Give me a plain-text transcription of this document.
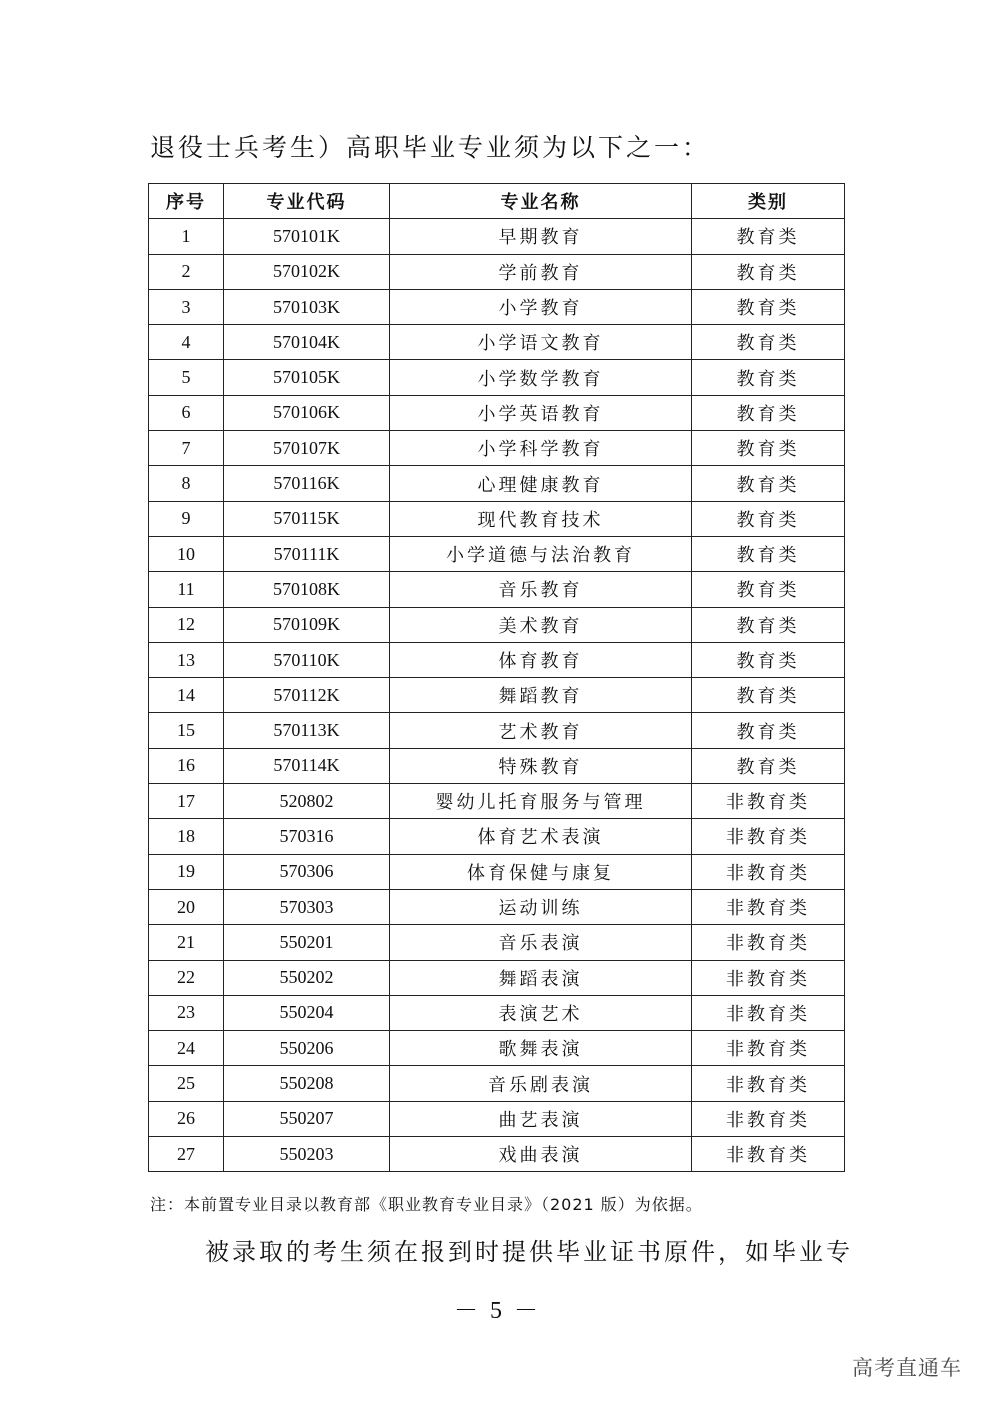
退役士兵考生）高职毕业专业须为以下之一：
序号	专业代码	专业名称	类别
1	570101K	早期教育	教育类
2	570102K	学前教育	教育类
3	570103K	小学教育	教育类
4	570104K	小学语文教育	教育类
5	570105K	小学数学教育	教育类
6	570106K	小学英语教育	教育类
7	570107K	小学科学教育	教育类
8	570116K	心理健康教育	教育类
9	570115K	现代教育技术	教育类
10	570111K	小学道德与法治教育	教育类
11	570108K	音乐教育	教育类
12	570109K	美术教育	教育类
13	570110K	体育教育	教育类
14	570112K	舞蹈教育	教育类
15	570113K	艺术教育	教育类
16	570114K	特殊教育	教育类
17	520802	婴幼儿托育服务与管理	非教育类
18	570316	体育艺术表演	非教育类
19	570306	体育保健与康复	非教育类
20	570303	运动训练	非教育类
21	550201	音乐表演	非教育类
22	550202	舞蹈表演	非教育类
23	550204	表演艺术	非教育类
24	550206	歌舞表演	非教育类
25	550208	音乐剧表演	非教育类
26	550207	曲艺表演	非教育类
27	550203	戏曲表演	非教育类
注：本前置专业目录以教育部《职业教育专业目录》（2021 版）为依据。
被录取的考生须在报到时提供毕业证书原件，如毕业专
－ 5 －
高考直通车
